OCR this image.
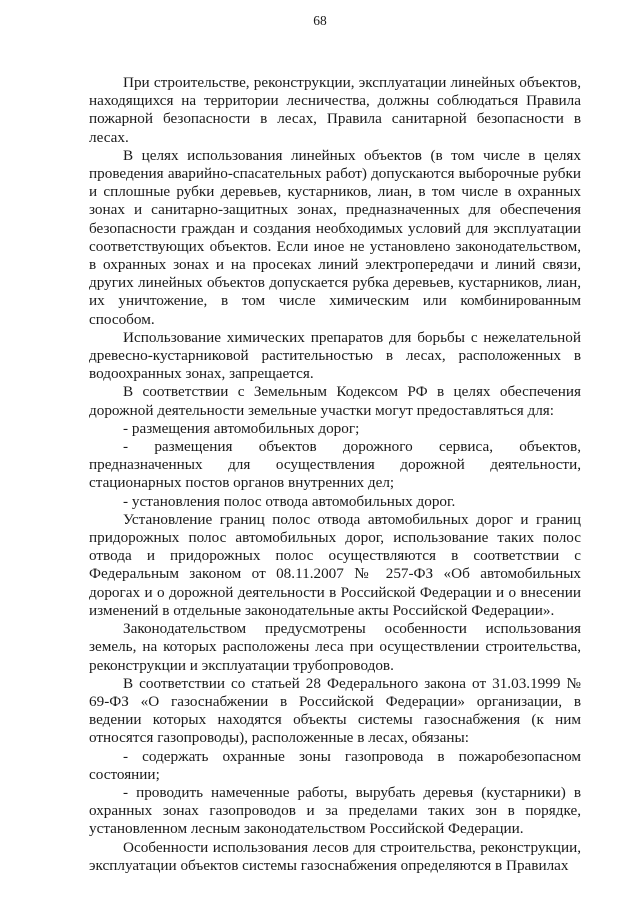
68

При строительстве, реконструкции, эксплуатации линейных объектов, находящихся на территории лесничества, должны соблюдаться Правила пожарной безопасности в лесах, Правила санитарной безопасности в лесах.

В целях использования линейных объектов (в том числе в целях проведения аварийно-спасательных работ) допускаются выборочные рубки и сплошные рубки деревьев, кустарников, лиан, в том числе в охранных зонах и санитарно-защитных зонах, предназначенных для обеспечения безопасности граждан и создания необходимых условий для эксплуатации соответствующих объектов. Если иное не установлено законодательством, в охранных зонах и на просеках линий электропередачи и линий связи, других линейных объектов допускается рубка деревьев, кустарников, лиан, их уничтожение, в том числе химическим или комбинированным способом.

Использование химических препаратов для борьбы с нежелательной древесно-кустарниковой растительностью в лесах, расположенных в водоохранных зонах, запрещается.

В соответствии с Земельным Кодексом РФ в целях обеспечения дорожной деятельности земельные участки могут предоставляться для:

- размещения автомобильных дорог;

- размещения объектов дорожного сервиса, объектов, предназначенных для осуществления дорожной деятельности, стационарных постов органов внутренних дел;

- установления полос отвода автомобильных дорог.

Установление границ полос отвода автомобильных дорог и границ придорожных полос автомобильных дорог, использование таких полос отвода и придорожных полос осуществляются в соответствии с Федеральным законом от 08.11.2007 № 257-ФЗ «Об автомобильных дорогах и о дорожной деятельности в Российской Федерации и о внесении изменений в отдельные законодательные акты Российской Федерации».

Законодательством предусмотрены особенности использования земель, на которых расположены леса при осуществлении строительства, реконструкции и эксплуатации трубопроводов.

В соответствии со статьей 28 Федерального закона от 31.03.1999 № 69-ФЗ «О газоснабжении в Российской Федерации» организации, в ведении которых находятся объекты системы газоснабжения (к ним относятся газопроводы), расположенные в лесах, обязаны:

- содержать охранные зоны газопровода в пожаробезопасном состоянии;

- проводить намеченные работы, вырубать деревья (кустарники) в охранных зонах газопроводов и за пределами таких зон в порядке, установленном лесным законодательством Российской Федерации.

Особенности использования лесов для строительства, реконструкции, эксплуатации объектов системы газоснабжения определяются в Правилах
